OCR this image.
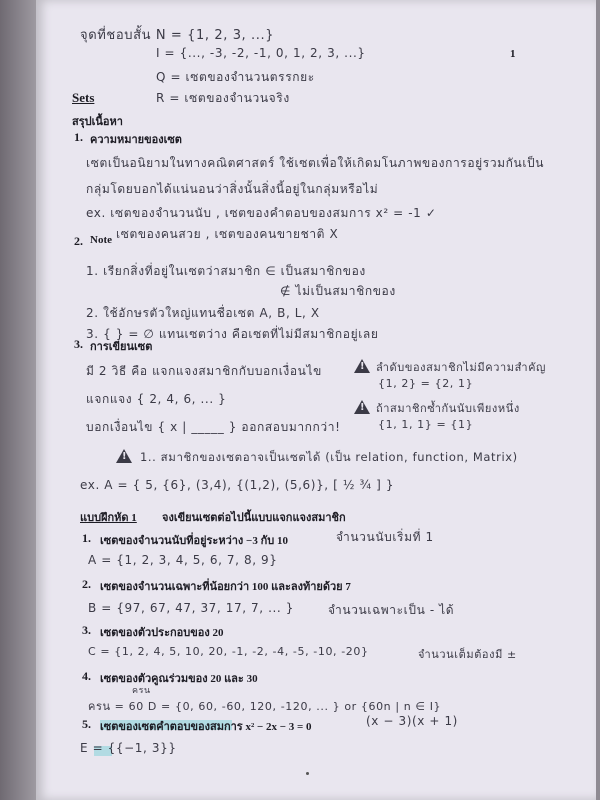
จุดที่ชอบสั้น N = {1, 2, 3, ...}
I = {..., -3, -2, -1, 0, 1, 2, 3, ...}
Q = เซตของจำนวนตรรกยะ
R = เซตของจำนวนจริง
1
Sets
สรุปเนื้อหา
1. ความหมายของเซต
เซตเป็นอนิยามในทางคณิตศาสตร์ ใช้เซตเพื่อให้เกิดมโนภาพของการอยู่รวมกันเป็น
กลุ่มโดยบอกได้แน่นอนว่าสิ่งนั้นสิ่งนี้อยู่ในกลุ่มหรือไม่
ex. เซตของจำนวนนับ , เซตของคำตอบของสมการ x² = -1 ✓
เซตของคนสวย , เซตของคนขายชาติ X
2. Note
1. เรียกสิ่งที่อยู่ในเซตว่าสมาชิก ∈ เป็นสมาชิกของ
∉ ไม่เป็นสมาชิกของ
2. ใช้อักษรตัวใหญ่แทนชื่อเซต A, B, L, X
3. { } = ∅ แทนเซตว่าง คือเซตที่ไม่มีสมาชิกอยู่เลย
3. การเขียนเซต
มี 2 วิธี คือ แจกแจงสมาชิกกับบอกเงื่อนไข
แจกแจง { 2, 4, 6, ... }
บอกเงื่อนไข { x | _____ } ออกสอบมากกว่า!
!
ลำดับของสมาชิกไม่มีความสำคัญ
{1, 2} = {2, 1}
!
ถ้าสมาชิกซ้ำกันนับเพียงหนึ่ง
{1, 1, 1} = {1}
!
1.. สมาชิกของเซตอาจเป็นเซตได้ (เป็น relation, function, Matrix)
ex. A = { 5, {6}, (3,4), {(1,2), (5,6)}, [ ½ ¾ ] }
แบบฝึกหัด 1 จงเขียนเซตต่อไปนี้แบบแจกแจงสมาชิก
1. เซตของจำนวนนับที่อยู่ระหว่าง −3 กับ 10	จำนวนนับเริ่มที่ 1
A = {1, 2, 3, 4, 5, 6, 7, 8, 9}
2. เซตของจำนวนเฉพาะที่น้อยกว่า 100 และลงท้ายด้วย 7
B = {97, 67, 47, 37, 17, 7, ... }	จำนวนเฉพาะเป็น - ได้
3. เซตของตัวประกอบของ 20
C = {1, 2, 4, 5, 10, 20, -1, -2, -4, -5, -10, -20}	จำนวนเต็มต้องมี ±
4. เซตของตัวคูณร่วมของ 20 และ 30
ครน
ครน = 60 D = {0, 60, -60, 120, -120, ... } or {60n | n ∈ I}
5. เซตของเซตคำตอบของสมการ x² − 2x − 3 = 0	(x − 3)(x + 1)
E = {{−1, 3}}
